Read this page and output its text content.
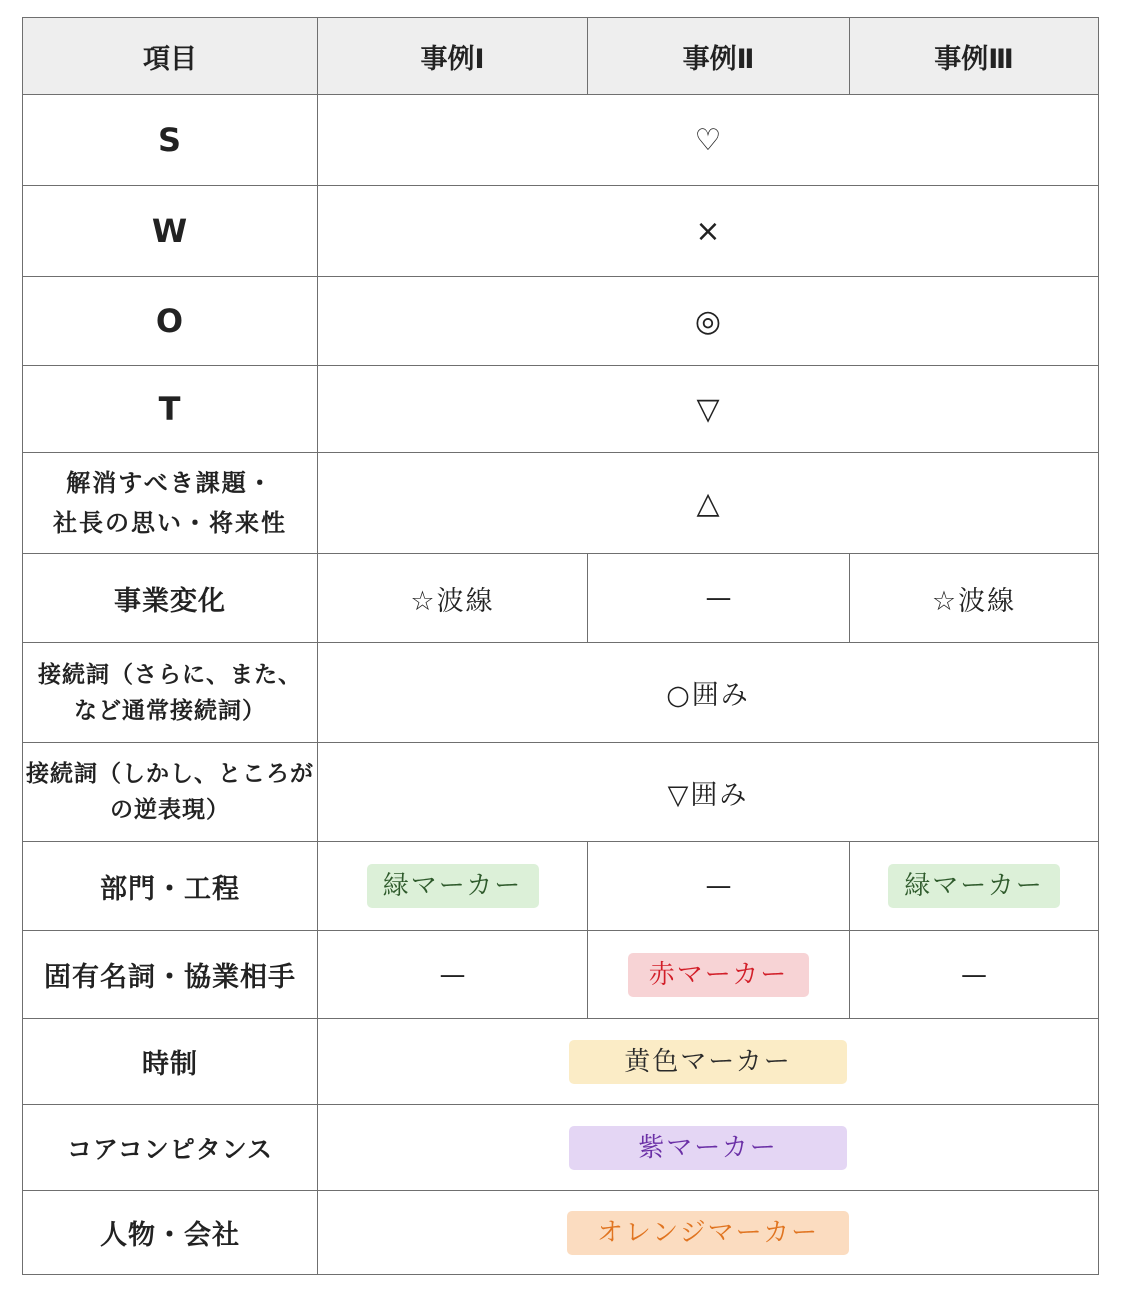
項目	事例Ⅰ	事例Ⅱ	事例Ⅲ
S	♡		
W	×		
O	◎		
T	▽		

解消すべき課題・
社長の思い・将来性	△		
事業変化	☆波線	—	☆波線

接続詞（さらに、また、
など通常接続詞）	○囲み		

接続詞（しかし、ところが
の逆表現）	▽囲み		
部門・工程	緑マーカー	—	緑マーカー
固有名詞・協業相手	—	赤マーカー	—
時制	黄色マーカー		
コアコンピタンス	紫マーカー		
人物・会社	オレンジマーカー		
